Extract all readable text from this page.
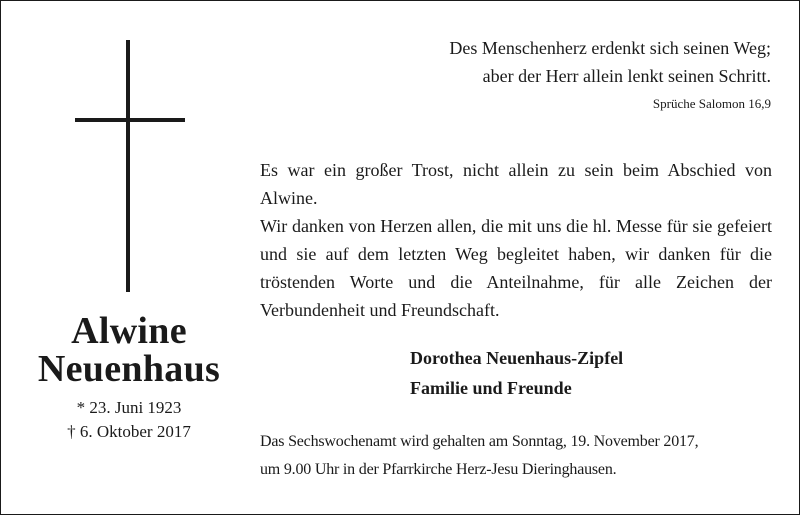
Alwine
Neuenhaus
* 23. Juni 1923
† 6. Oktober 2017
Des Menschenherz erdenkt sich seinen Weg;
aber der Herr allein lenkt seinen Schritt.
Sprüche Salomon 16,9

Es war ein großer Trost, nicht allein zu sein beim Abschied von Alwine.

Wir danken von Herzen allen, die mit uns die hl. Messe für sie gefeiert und sie auf dem letzten Weg begleitet haben, wir danken für die tröstenden Worte und die Anteilnahme, für alle Zeichen der Verbundenheit und Freundschaft.

Dorothea Neuenhaus-Zipfel
Familie und Freunde
Das Sechswochenamt wird gehalten am Sonntag, 19. November 2017,
um 9.00 Uhr in der Pfarrkirche Herz-Jesu Dieringhausen.
